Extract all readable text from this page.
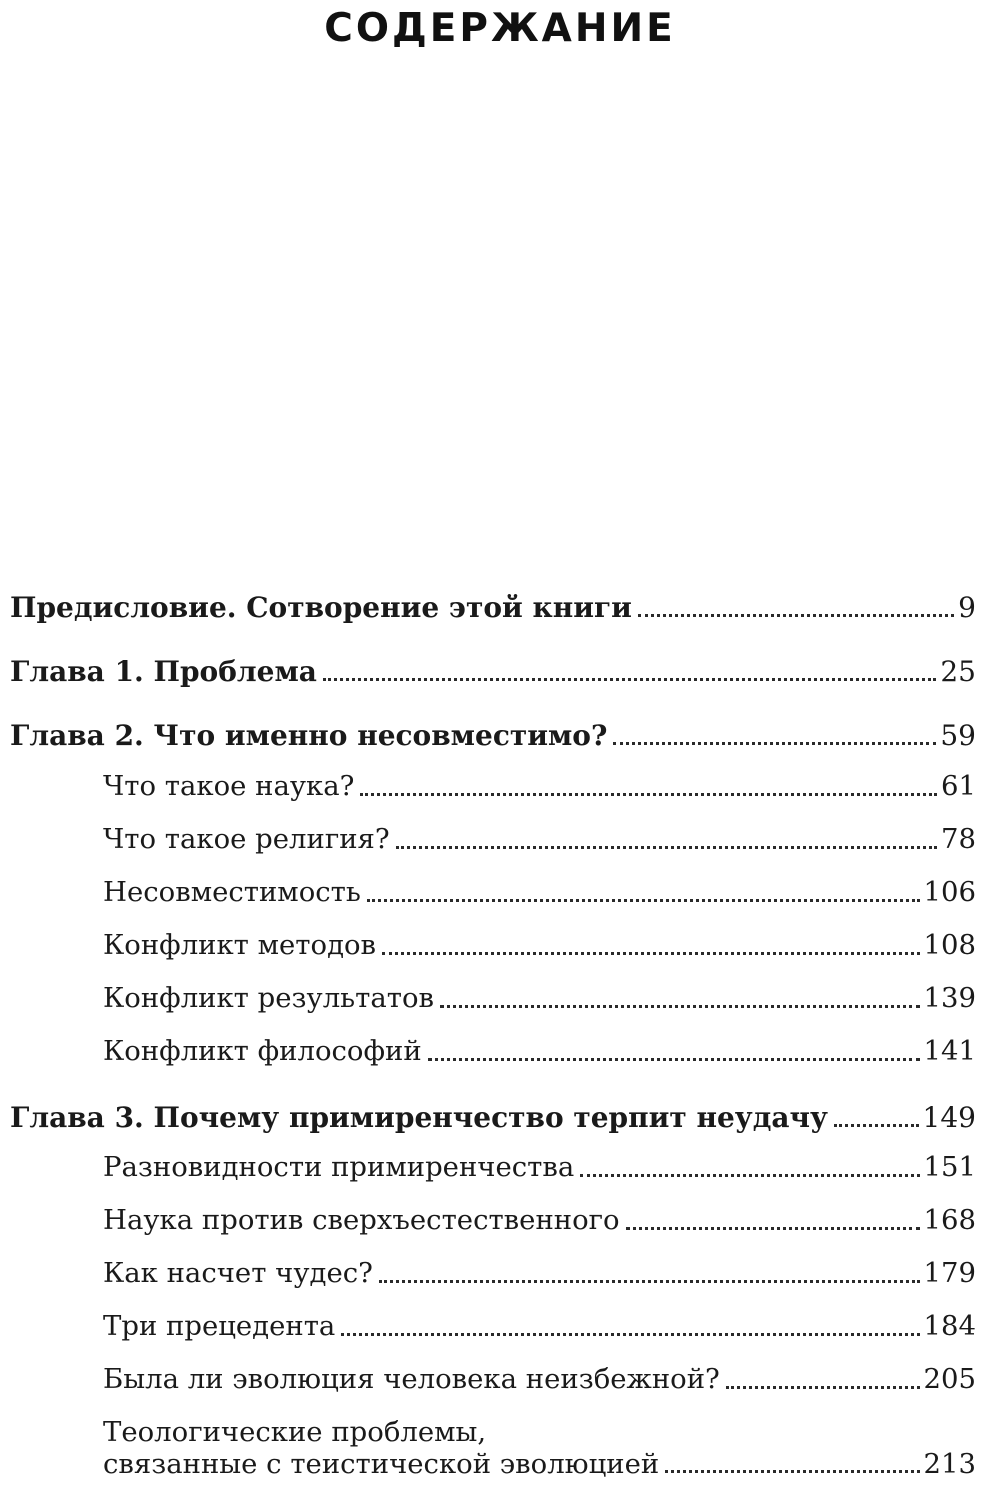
СОДЕРЖАНИЕ
Предисловие. Сотворение этой книги	9
Глава 1. Проблема	25
Глава 2. Что именно несовместимо?	59
Что такое наука?	61
Что такое религия?	78
Несовместимость	106
Конфликт методов	108
Конфликт результатов	139
Конфликт философий	141
Глава 3. Почему примиренчество терпит неудачу	149
Разновидности примиренчества	151
Наука против сверхъестественного	168
Как насчет чудес?	179
Три прецедента	184
Была ли эволюция человека неизбежной?	205
Теологические проблемы,
связанные с теистической эволюцией	213
